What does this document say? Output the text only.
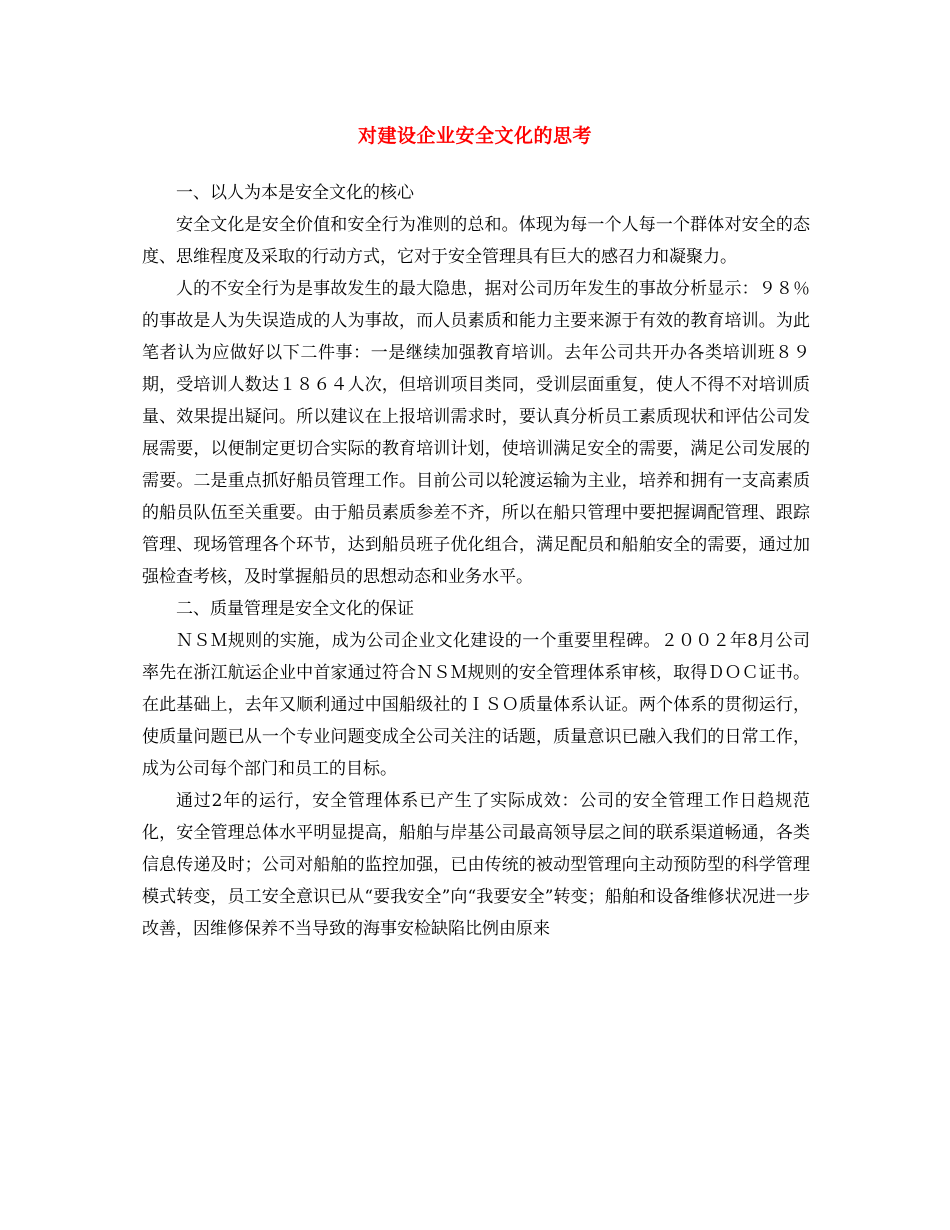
对建设企业安全文化的思考

一、以人为本是安全文化的核心

安全文化是安全价值和安全行为准则的总和。体现为每一个人每一个群体对安全的态度、思维程度及采取的行动方式，它对于安全管理具有巨大的感召力和凝聚力。

人的不安全行为是事故发生的最大隐患，据对公司历年发生的事故分析显示：９８％的事故是人为失误造成的人为事故，而人员素质和能力主要来源于有效的教育培训。为此笔者认为应做好以下二件事：一是继续加强教育培训。去年公司共开办各类培训班８９期，受培训人数达１８６４人次，但培训项目类同，受训层面重复，使人不得不对培训质量、效果提出疑问。所以建议在上报培训需求时，要认真分析员工素质现状和评估公司发展需要，以便制定更切合实际的教育培训计划，使培训满足安全的需要，满足公司发展的需要。二是重点抓好船员管理工作。目前公司以轮渡运输为主业，培养和拥有一支高素质的船员队伍至关重要。由于船员素质参差不齐，所以在船只管理中要把握调配管理、跟踪管理、现场管理各个环节，达到船员班子优化组合，满足配员和船舶安全的需要，通过加强检查考核，及时掌握船员的思想动态和业务水平。

二、质量管理是安全文化的保证

ＮＳＭ规则的实施，成为公司企业文化建设的一个重要里程碑。２００２年8月公司率先在浙江航运企业中首家通过符合ＮＳＭ规则的安全管理体系审核，取得ＤＯＣ证书。在此基础上，去年又顺利通过中国船级社的ＩＳＯ质量体系认证。两个体系的贯彻运行，使质量问题已从一个专业问题变成全公司关注的话题，质量意识已融入我们的日常工作，成为公司每个部门和员工的目标。

通过2年的运行，安全管理体系已产生了实际成效：公司的安全管理工作日趋规范化，安全管理总体水平明显提高，船舶与岸基公司最高领导层之间的联系渠道畅通，各类信息传递及时；公司对船舶的监控加强，已由传统的被动型管理向主动预防型的科学管理模式转变，员工安全意识已从“要我安全”向“我要安全”转变；船舶和设备维修状况进一步改善，因维修保养不当导致的海事安检缺陷比例由原来
